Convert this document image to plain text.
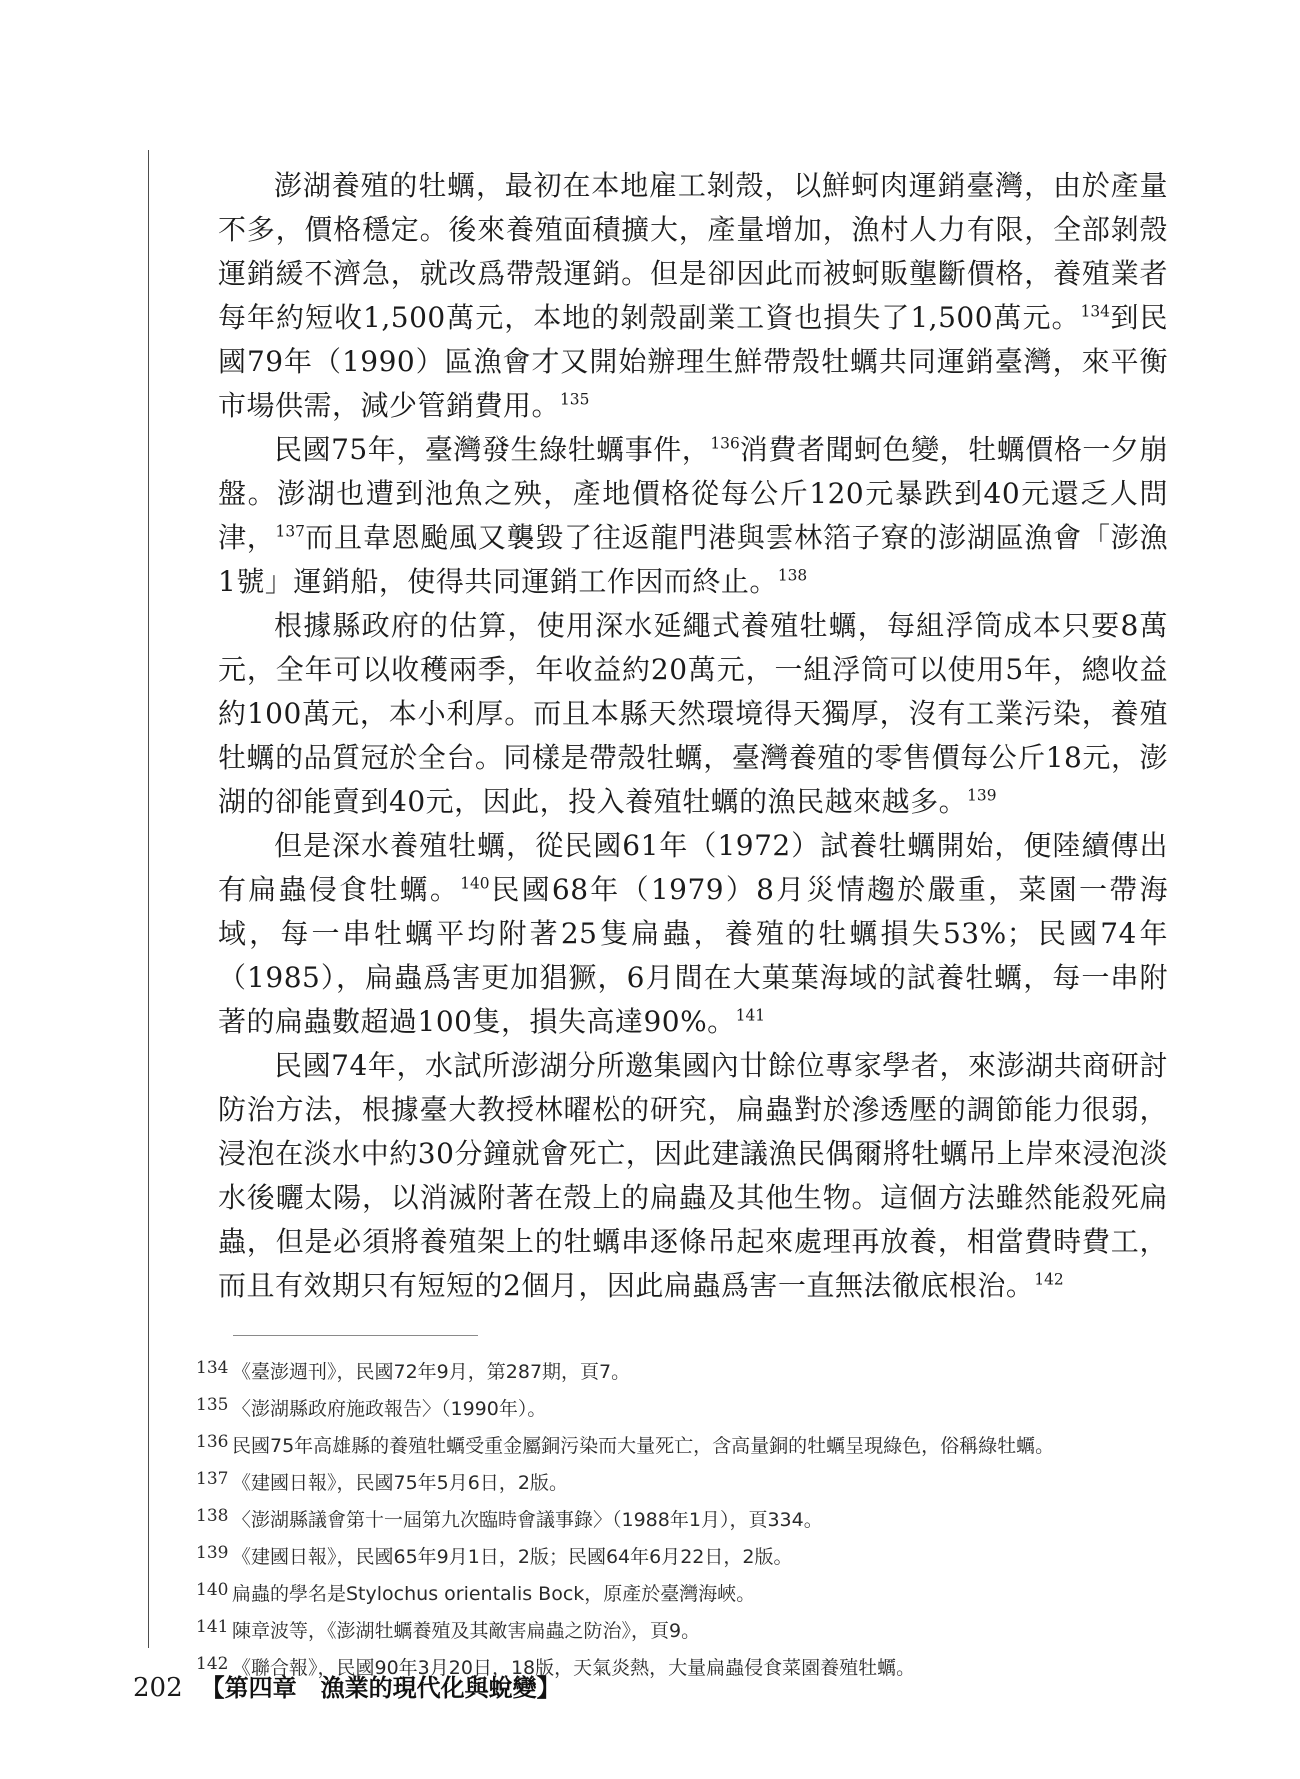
澎湖養殖的牡蠣，最初在本地雇工剝殼，以鮮蚵肉運銷臺灣，由於產量不多，價格穩定。後來養殖面積擴大，產量增加，漁村人力有限，全部剝殼運銷緩不濟急，就改爲帶殼運銷。但是卻因此而被蚵販壟斷價格，養殖業者每年約短收1,500萬元，本地的剝殼副業工資也損失了1,500萬元。$^{134}$到民國79年（1990）區漁會才又開始辦理生鮮帶殼牡蠣共同運銷臺灣，來平衡市場供需，減少管銷費用。$^{135}$

民國75年，臺灣發生綠牡蠣事件，$^{136}$消費者聞蚵色變，牡蠣價格一夕崩盤。澎湖也遭到池魚之殃，產地價格從每公斤120元暴跌到40元還乏人問津，$^{137}$而且韋恩颱風又襲毀了往返龍門港與雲林箔子寮的澎湖區漁會「澎漁1號」運銷船，使得共同運銷工作因而終止。$^{138}$

根據縣政府的估算，使用深水延繩式養殖牡蠣，每組浮筒成本只要8萬元，全年可以收穫兩季，年收益約20萬元，一組浮筒可以使用5年，總收益約100萬元，本小利厚。而且本縣天然環境得天獨厚，沒有工業污染，養殖牡蠣的品質冠於全台。同樣是帶殼牡蠣，臺灣養殖的零售價每公斤18元，澎湖的卻能賣到40元，因此，投入養殖牡蠣的漁民越來越多。$^{139}$

但是深水養殖牡蠣，從民國61年（1972）試養牡蠣開始，便陸續傳出有扁蟲侵食牡蠣。$^{140}$民國68年（1979）8月災情趨於嚴重，菜園一帶海域，每一串牡蠣平均附著25隻扁蟲，養殖的牡蠣損失53%；民國74年（1985），扁蟲爲害更加猖獗，6月間在大菓葉海域的試養牡蠣，每一串附著的扁蟲數超過100隻，損失高達90%。$^{141}$

民國74年，水試所澎湖分所邀集國內廿餘位專家學者，來澎湖共商研討防治方法，根據臺大教授林曜松的研究，扁蟲對於滲透壓的調節能力很弱，浸泡在淡水中約30分鐘就會死亡，因此建議漁民偶爾將牡蠣吊上岸來浸泡淡水後曬太陽，以消滅附著在殼上的扁蟲及其他生物。這個方法雖然能殺死扁蟲，但是必須將養殖架上的牡蠣串逐條吊起來處理再放養，相當費時費工，而且有效期只有短短的2個月，因此扁蟲爲害一直無法徹底根治。$^{142}$

134 《臺澎週刊》，民國72年9月，第287期，頁7。
135 〈澎湖縣政府施政報告〉（1990年）。
136 民國75年高雄縣的養殖牡蠣受重金屬銅污染而大量死亡，含高量銅的牡蠣呈現綠色，俗稱綠牡蠣。
137 《建國日報》，民國75年5月6日，2版。
138 〈澎湖縣議會第十一屆第九次臨時會議事錄〉（1988年1月），頁334。
139 《建國日報》，民國65年9月1日，2版；民國64年6月22日，2版。
140 扁蟲的學名是Stylochus orientalis Bock，原產於臺灣海峽。
141 陳章波等，《澎湖牡蠣養殖及其敵害扁蟲之防治》，頁9。
142 《聯合報》，民國90年3月20日，18版，天氣炎熱，大量扁蟲侵食菜園養殖牡蠣。
202 【第四章　漁業的現代化與蛻變】
